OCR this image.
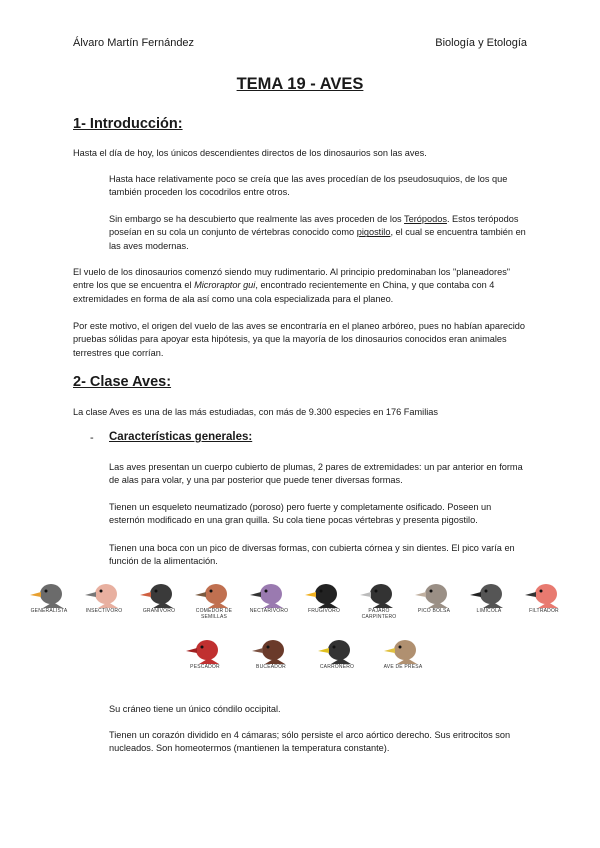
Álvaro Martín Fernández	Biología y Etología
TEMA 19 - AVES
1- Introducción:
Hasta el día de hoy, los únicos descendientes directos de los dinosaurios son las aves.
Hasta hace relativamente poco se creía que las aves procedían de los pseudosuquios, de los que también proceden los cocodrilos entre otros.
Sin embargo se ha descubierto que realmente las aves proceden de los Terópodos. Estos terópodos poseían en su cola un conjunto de vértebras conocido como pigostilo, el cual se encuentra también en las aves modernas.
El vuelo de los dinosaurios comenzó siendo muy rudimentario. Al principio predominaban los "planeadores" entre los que se encuentra el Microraptor gui, encontrado recientemente en China, y que contaba con 4 extremidades en forma de ala así como una cola especializada para el planeo.
Por este motivo, el origen del vuelo de las aves se encontraría en el planeo arbóreo, pues no habían aparecido pruebas sólidas para apoyar esta hipótesis, ya que la mayoría de los dinosaurios conocidos eran animales terrestres que corrían.
2- Clase Aves:
La clase Aves es una de las más estudiadas, con más de 9.300 especies en 176 Familias
- Características generales:
Las aves presentan un cuerpo cubierto de plumas, 2 pares de extremidades: un par anterior en forma de alas para volar, y una par posterior que puede tener diversas formas.
Tienen un esqueleto neumatizado (poroso) pero fuerte y completamente osificado. Poseen un esternón modificado en una gran quilla. Su cola tiene pocas vértebras y presenta pigostilo.
Tienen una boca con un pico de diversas formas, con cubierta córnea y sin dientes. El pico varía en función de la alimentación.
GENERALISTA	INSECTÍVORO	GRANÍVORO	COMEDOR DE SEMILLAS
NECTARÍVORO	FRUGÍVORO	PÁJARO CARPINTERO
PICO BOLSA	LIMÍCOLA	FILTRADOR
PESCADOR	BUCEADOR	CARROÑERO	AVE DE PRESA
Su cráneo tiene un único cóndilo occipital.
Tienen un corazón dividido en 4 cámaras; sólo persiste el arco aórtico derecho. Sus eritrocitos son nucleados. Son homeotermos (mantienen la temperatura constante).
